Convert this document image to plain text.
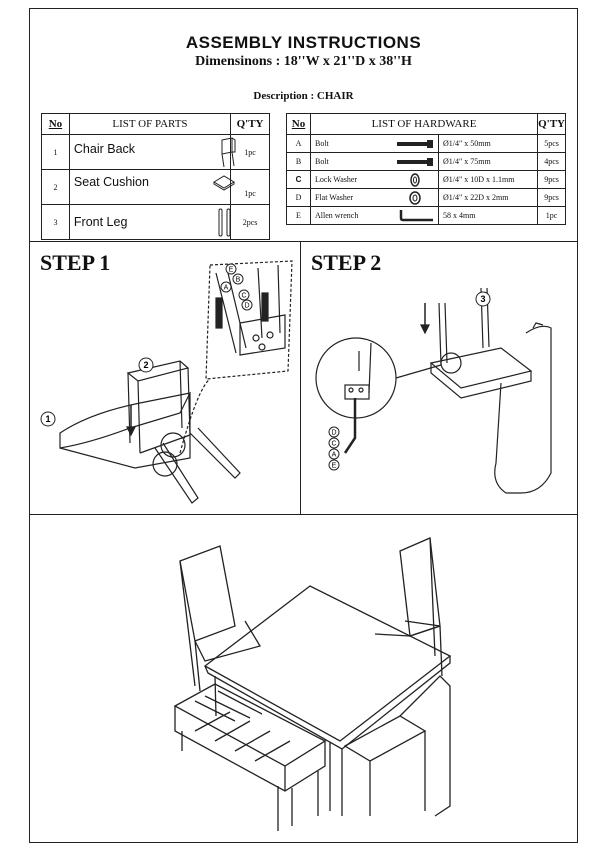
ASSEMBLY INSTRUCTIONS
Dimensinons : 18''W x 21''D x 38''H
Description : CHAIR
No	LIST OF PARTS	Q'TY
1	Chair Back	1pc
2	Seat Cushion	1pc
3	Front Leg	2pcs
No	LIST OF HARDWARE		Q'TY
A	Bolt	Ø1/4" x 50mm	5pcs
B	Bolt	Ø1/4" x 75mm	4pcs
C	Lock Washer	Ø1/4" x 10D x 1.1mm	9pcs
D	Flat Washer	Ø1/4" x 22D x 2mm	9pcs
E	Allen wrench	58 x 4mm	1pc
STEP 1	STEP 2
E
B
A
D
C
1
2
D
C
A
E
3
